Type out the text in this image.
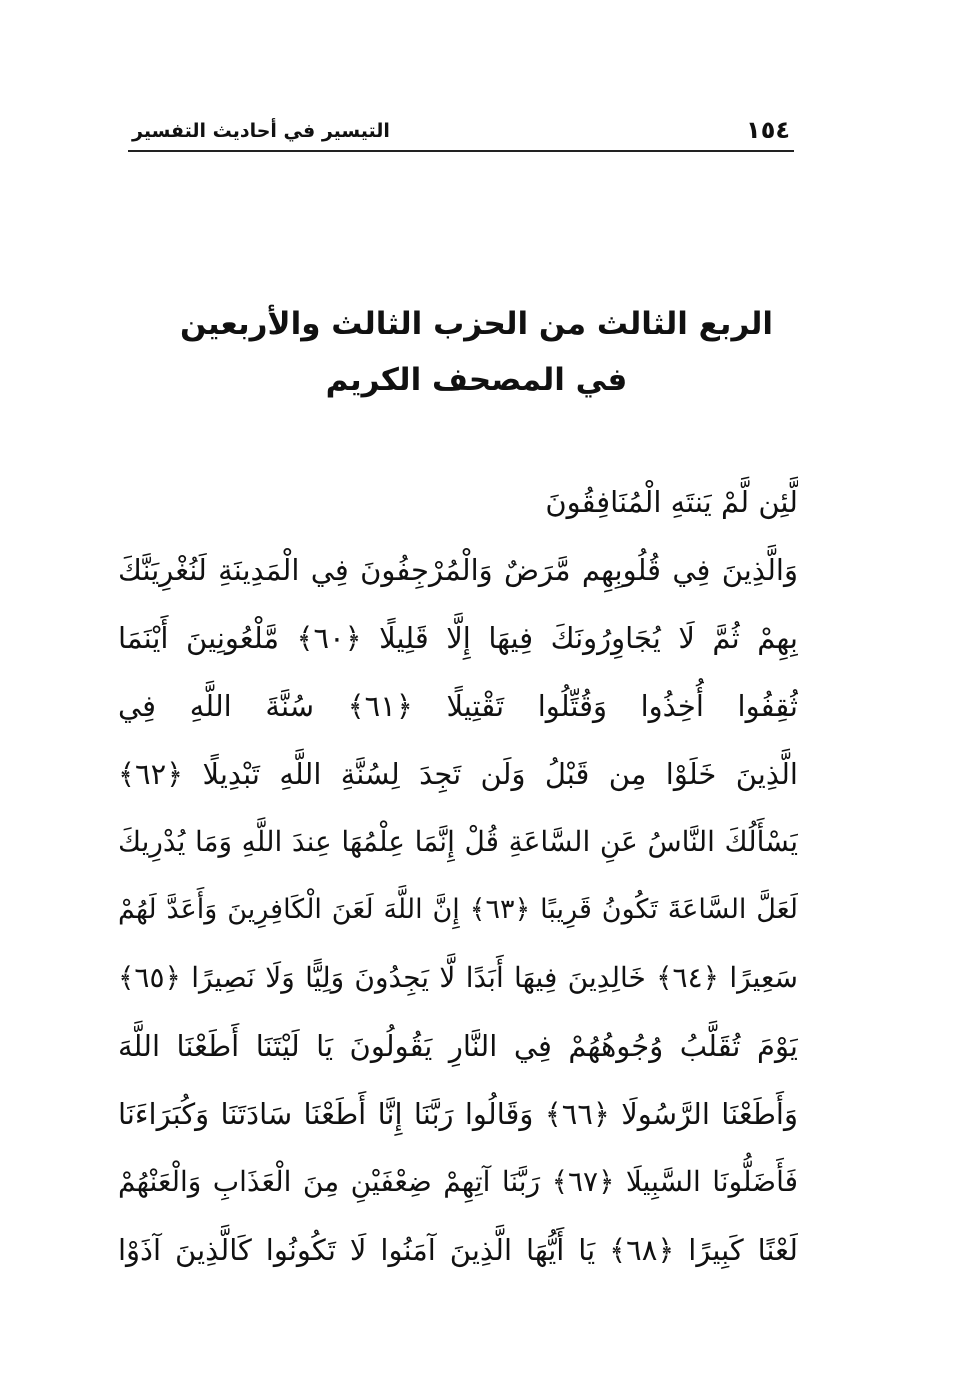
١٥٤
التيسير في أحاديث التفسير
الربع الثالث من الحزب الثالث والأربعين
في المصحف الكريم
لَّئِن لَّمْ يَنتَهِ الْمُنَافِقُونَ
وَالَّذِينَ فِي قُلُوبِهِم مَّرَضٌ وَالْمُرْجِفُونَ فِي الْمَدِينَةِ لَنُغْرِيَنَّكَ
بِهِمْ ثُمَّ لَا يُجَاوِرُونَكَ فِيهَا إِلَّا قَلِيلًا ﴿٦٠﴾ مَّلْعُونِينَ أَيْنَمَا
ثُقِفُوا أُخِذُوا وَقُتِّلُوا تَقْتِيلًا ﴿٦١﴾ سُنَّةَ اللَّهِ فِي
الَّذِينَ خَلَوْا مِن قَبْلُ وَلَن تَجِدَ لِسُنَّةِ اللَّهِ تَبْدِيلًا ﴿٦٢﴾
يَسْأَلُكَ النَّاسُ عَنِ السَّاعَةِ قُلْ إِنَّمَا عِلْمُهَا عِندَ اللَّهِ وَمَا يُدْرِيكَ
لَعَلَّ السَّاعَةَ تَكُونُ قَرِيبًا ﴿٦٣﴾ إِنَّ اللَّهَ لَعَنَ الْكَافِرِينَ وَأَعَدَّ لَهُمْ
سَعِيرًا ﴿٦٤﴾ خَالِدِينَ فِيهَا أَبَدًا لَّا يَجِدُونَ وَلِيًّا وَلَا نَصِيرًا ﴿٦٥﴾
يَوْمَ تُقَلَّبُ وُجُوهُهُمْ فِي النَّارِ يَقُولُونَ يَا لَيْتَنَا أَطَعْنَا اللَّهَ
وَأَطَعْنَا الرَّسُولَا ﴿٦٦﴾ وَقَالُوا رَبَّنَا إِنَّا أَطَعْنَا سَادَتَنَا وَكُبَرَاءَنَا
فَأَضَلُّونَا السَّبِيلَا ﴿٦٧﴾ رَبَّنَا آتِهِمْ ضِعْفَيْنِ مِنَ الْعَذَابِ وَالْعَنْهُمْ
لَعْنًا كَبِيرًا ﴿٦٨﴾ يَا أَيُّهَا الَّذِينَ آمَنُوا لَا تَكُونُوا كَالَّذِينَ آذَوْا
